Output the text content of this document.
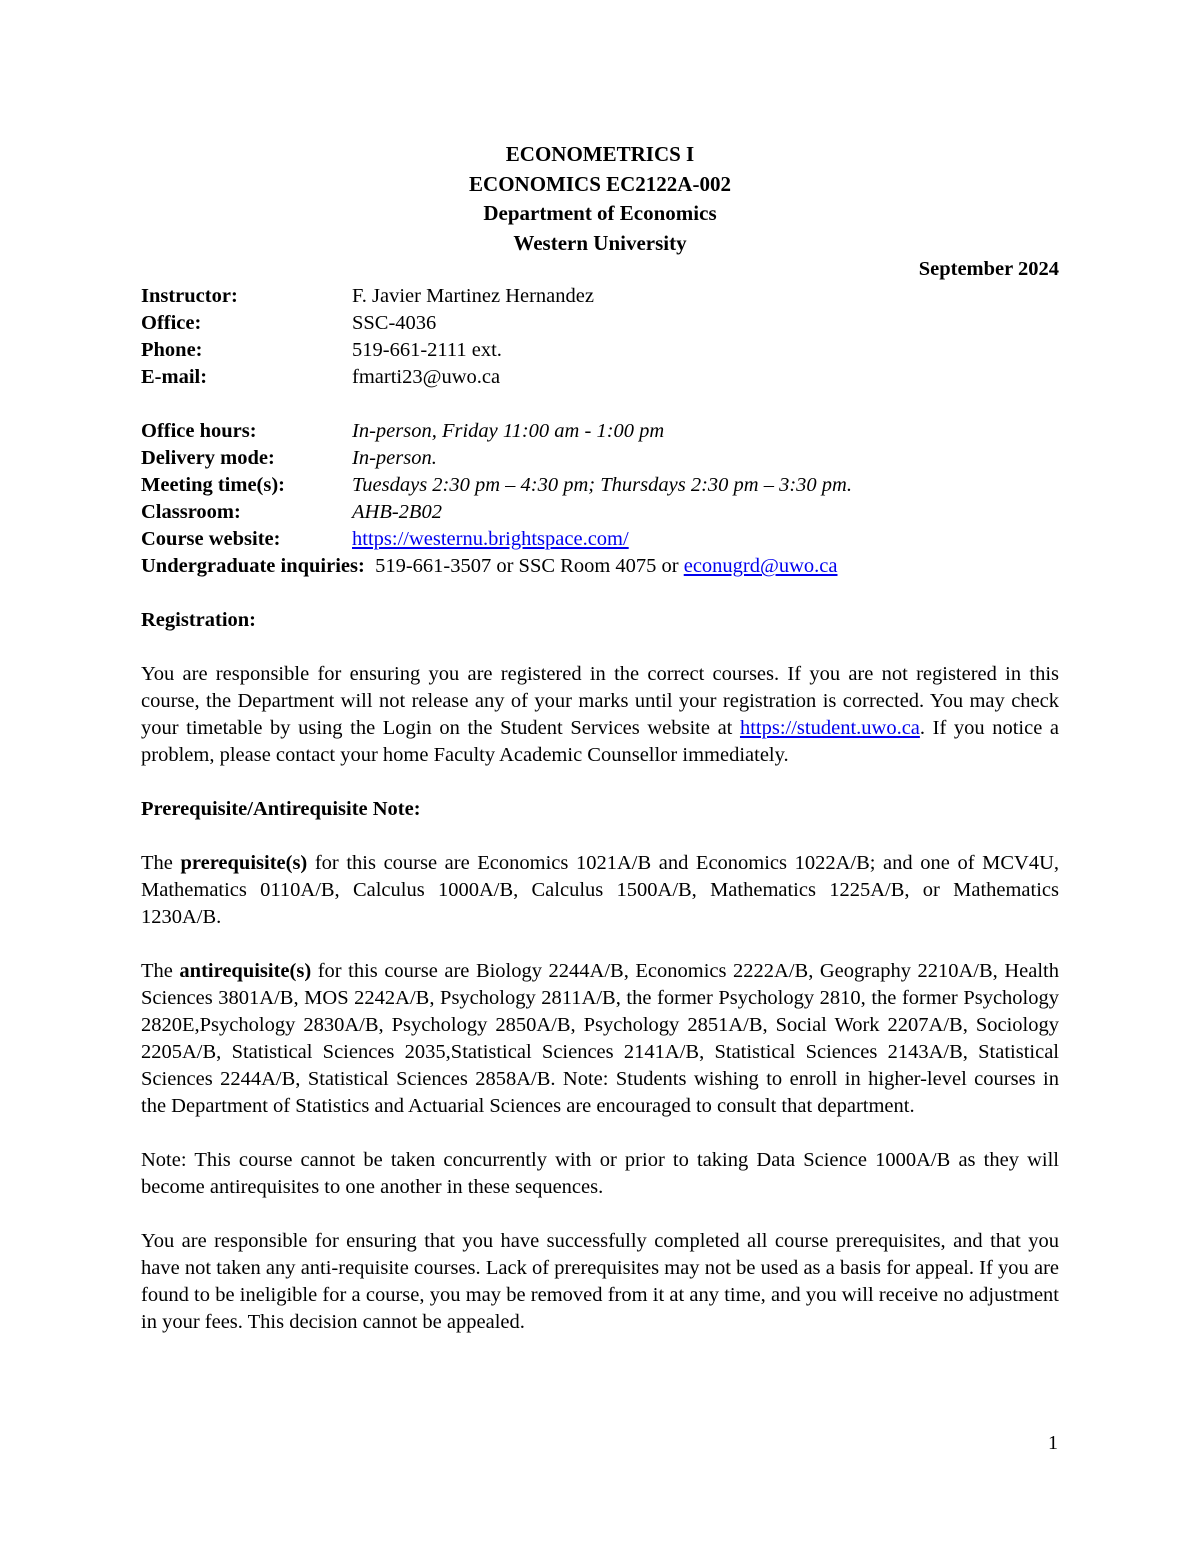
ECONOMETRICS I
ECONOMICS EC2122A-002
Department of Economics
Western University
September 2024
Instructor:	F. Javier Martinez Hernandez
Office:	SSC-4036
Phone:	519-661-2111 ext.
E-mail:	fmarti23@uwo.ca
Office hours:	In-person, Friday 11:00 am - 1:00 pm
Delivery mode:	In-person.
Meeting time(s):	Tuesdays 2:30 pm – 4:30 pm; Thursdays 2:30 pm – 3:30 pm.
Classroom:	AHB-2B02
Course website:	https://westernu.brightspace.com/
Undergraduate inquiries: 519-661-3507 or SSC Room 4075 or econugrd@uwo.ca
Registration:

You are responsible for ensuring you are registered in the correct courses. If you are not registered in this course, the Department will not release any of your marks until your registration is corrected. You may check your timetable by using the Login on the Student Services website at https://student.uwo.ca. If you notice a problem, please contact your home Faculty Academic Counsellor immediately.

Prerequisite/Antirequisite Note:

The prerequisite(s) for this course are Economics 1021A/B and Economics 1022A/B; and one of MCV4U, Mathematics 0110A/B, Calculus 1000A/B, Calculus 1500A/B, Mathematics 1225A/B, or Mathematics 1230A/B.

The antirequisite(s) for this course are Biology 2244A/B, Economics 2222A/B, Geography 2210A/B, Health Sciences 3801A/B, MOS 2242A/B, Psychology 2811A/B, the former Psychology 2810, the former Psychology 2820E,Psychology 2830A/B, Psychology 2850A/B, Psychology 2851A/B, Social Work 2207A/B, Sociology 2205A/B, Statistical Sciences 2035,Statistical Sciences 2141A/B, Statistical Sciences 2143A/B, Statistical Sciences 2244A/B, Statistical Sciences 2858A/B. Note: Students wishing to enroll in higher-level courses in the Department of Statistics and Actuarial Sciences are encouraged to consult that department.

Note: This course cannot be taken concurrently with or prior to taking Data Science 1000A/B as they will become antirequisites to one another in these sequences.

You are responsible for ensuring that you have successfully completed all course prerequisites, and that you have not taken any anti-requisite courses. Lack of prerequisites may not be used as a basis for appeal. If you are found to be ineligible for a course, you may be removed from it at any time, and you will receive no adjustment in your fees. This decision cannot be appealed.

1
